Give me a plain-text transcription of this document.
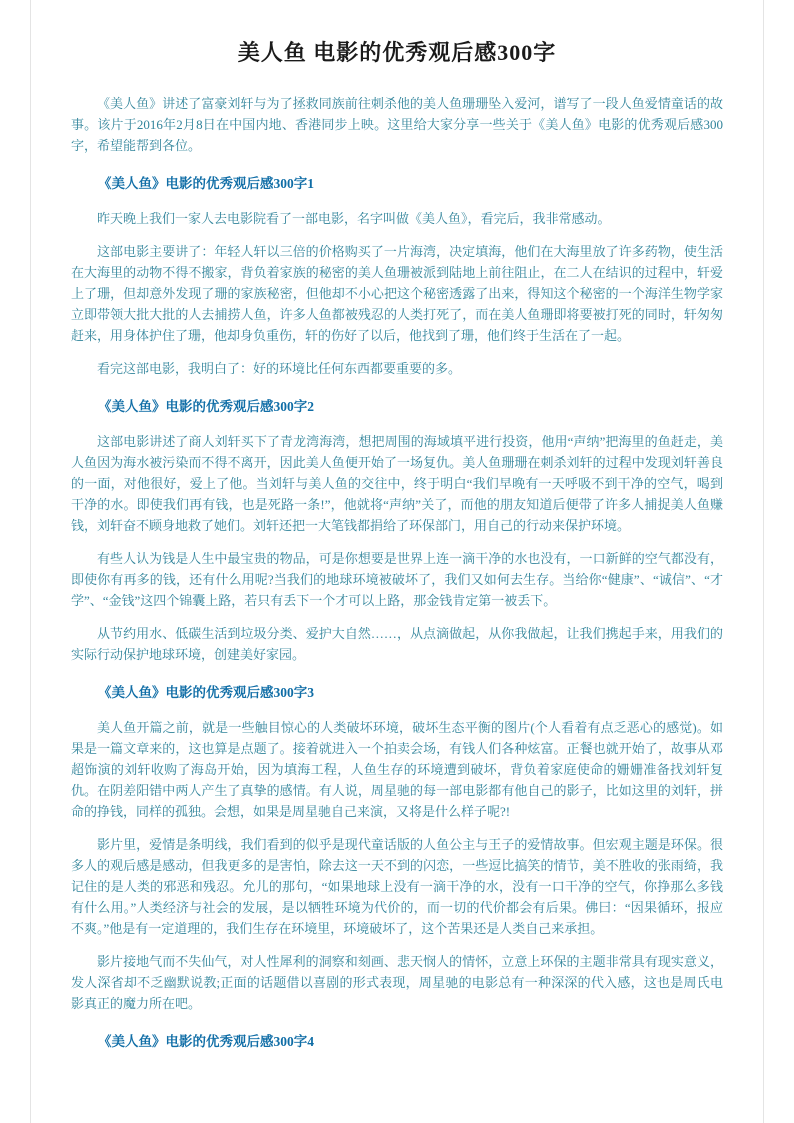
美人鱼 电影的优秀观后感300字

《美人鱼》讲述了富豪刘轩与为了拯救同族前往刺杀他的美人鱼珊珊坠入爱河，谱写了一段人鱼爱情童话的故事。该片于2016年2月8日在中国内地、香港同步上映。这里给大家分享一些关于《美人鱼》电影的优秀观后感300字，希望能帮到各位。

《美人鱼》电影的优秀观后感300字1

昨天晚上我们一家人去电影院看了一部电影，名字叫做《美人鱼》，看完后，我非常感动。

这部电影主要讲了：年轻人轩以三倍的价格购买了一片海湾，决定填海，他们在大海里放了许多药物，使生活在大海里的动物不得不搬家，背负着家族的秘密的美人鱼珊被派到陆地上前往阻止，在二人在结识的过程中，轩爱上了珊，但却意外发现了珊的家族秘密，但他却不小心把这个秘密透露了出来，得知这个秘密的一个海洋生物学家立即带领大批大批的人去捕捞人鱼，许多人鱼都被残忍的人类打死了，而在美人鱼珊即将要被打死的同时，轩匆匆赶来，用身体护住了珊，他却身负重伤，轩的伤好了以后，他找到了珊，他们终于生活在了一起。

看完这部电影，我明白了：好的环境比任何东西都要重要的多。

《美人鱼》电影的优秀观后感300字2

这部电影讲述了商人刘轩买下了青龙湾海湾，想把周围的海域填平进行投资，他用“声纳”把海里的鱼赶走，美人鱼因为海水被污染而不得不离开，因此美人鱼便开始了一场复仇。美人鱼珊珊在刺杀刘轩的过程中发现刘轩善良的一面，对他很好，爱上了他。当刘轩与美人鱼的交往中，终于明白“我们早晚有一天呼吸不到干净的空气，喝到干净的水。即使我们再有钱，也是死路一条!”，他就将“声纳”关了，而他的朋友知道后便带了许多人捕捉美人鱼赚钱，刘轩奋不顾身地救了她们。刘轩还把一大笔钱都捐给了环保部门，用自己的行动来保护环境。

有些人认为钱是人生中最宝贵的物品，可是你想要是世界上连一滴干净的水也没有，一口新鲜的空气都没有，即使你有再多的钱，还有什么用呢?当我们的地球环境被破坏了，我们又如何去生存。当给你“健康”、“诚信”、“才学”、“金钱”这四个锦囊上路，若只有丢下一个才可以上路，那金钱肯定第一被丢下。

从节约用水、低碳生活到垃圾分类、爱护大自然……，从点滴做起，从你我做起，让我们携起手来，用我们的实际行动保护地球环境，创建美好家园。

《美人鱼》电影的优秀观后感300字3

美人鱼开篇之前，就是一些触目惊心的人类破坏环境，破坏生态平衡的图片(个人看着有点乏恶心的感觉)。如果是一篇文章来的，这也算是点题了。接着就进入一个拍卖会场，有钱人们各种炫富。正餐也就开始了，故事从邓超饰演的刘轩收购了海岛开始，因为填海工程，人鱼生存的环境遭到破坏，背负着家庭使命的姗姗准备找刘轩复仇。在阴差阳错中两人产生了真挚的感情。有人说，周星驰的每一部电影都有他自己的影子，比如这里的刘轩，拼命的挣钱，同样的孤独。会想，如果是周星驰自己来演，又将是什么样子呢?!

影片里，爱情是条明线，我们看到的似乎是现代童话版的人鱼公主与王子的爱情故事。但宏观主题是环保。很多人的观后感是感动，但我更多的是害怕，除去这一天不到的闪恋，一些逗比搞笑的情节，美不胜收的张雨绮，我记住的是人类的邪恶和残忍。允儿的那句，“如果地球上没有一滴干净的水，没有一口干净的空气，你挣那么多钱有什么用。”人类经济与社会的发展，是以牺牲环境为代价的，而一切的代价都会有后果。佛曰：“因果循环，报应不爽。”他是有一定道理的，我们生存在环境里，环境破坏了，这个苦果还是人类自己来承担。

影片接地气而不失仙气，对人性犀利的洞察和刻画、悲天悯人的情怀，立意上环保的主题非常具有现实意义，发人深省却不乏幽默说教;正面的话题借以喜剧的形式表现，周星驰的电影总有一种深深的代入感，这也是周氏电影真正的魔力所在吧。

《美人鱼》电影的优秀观后感300字4
